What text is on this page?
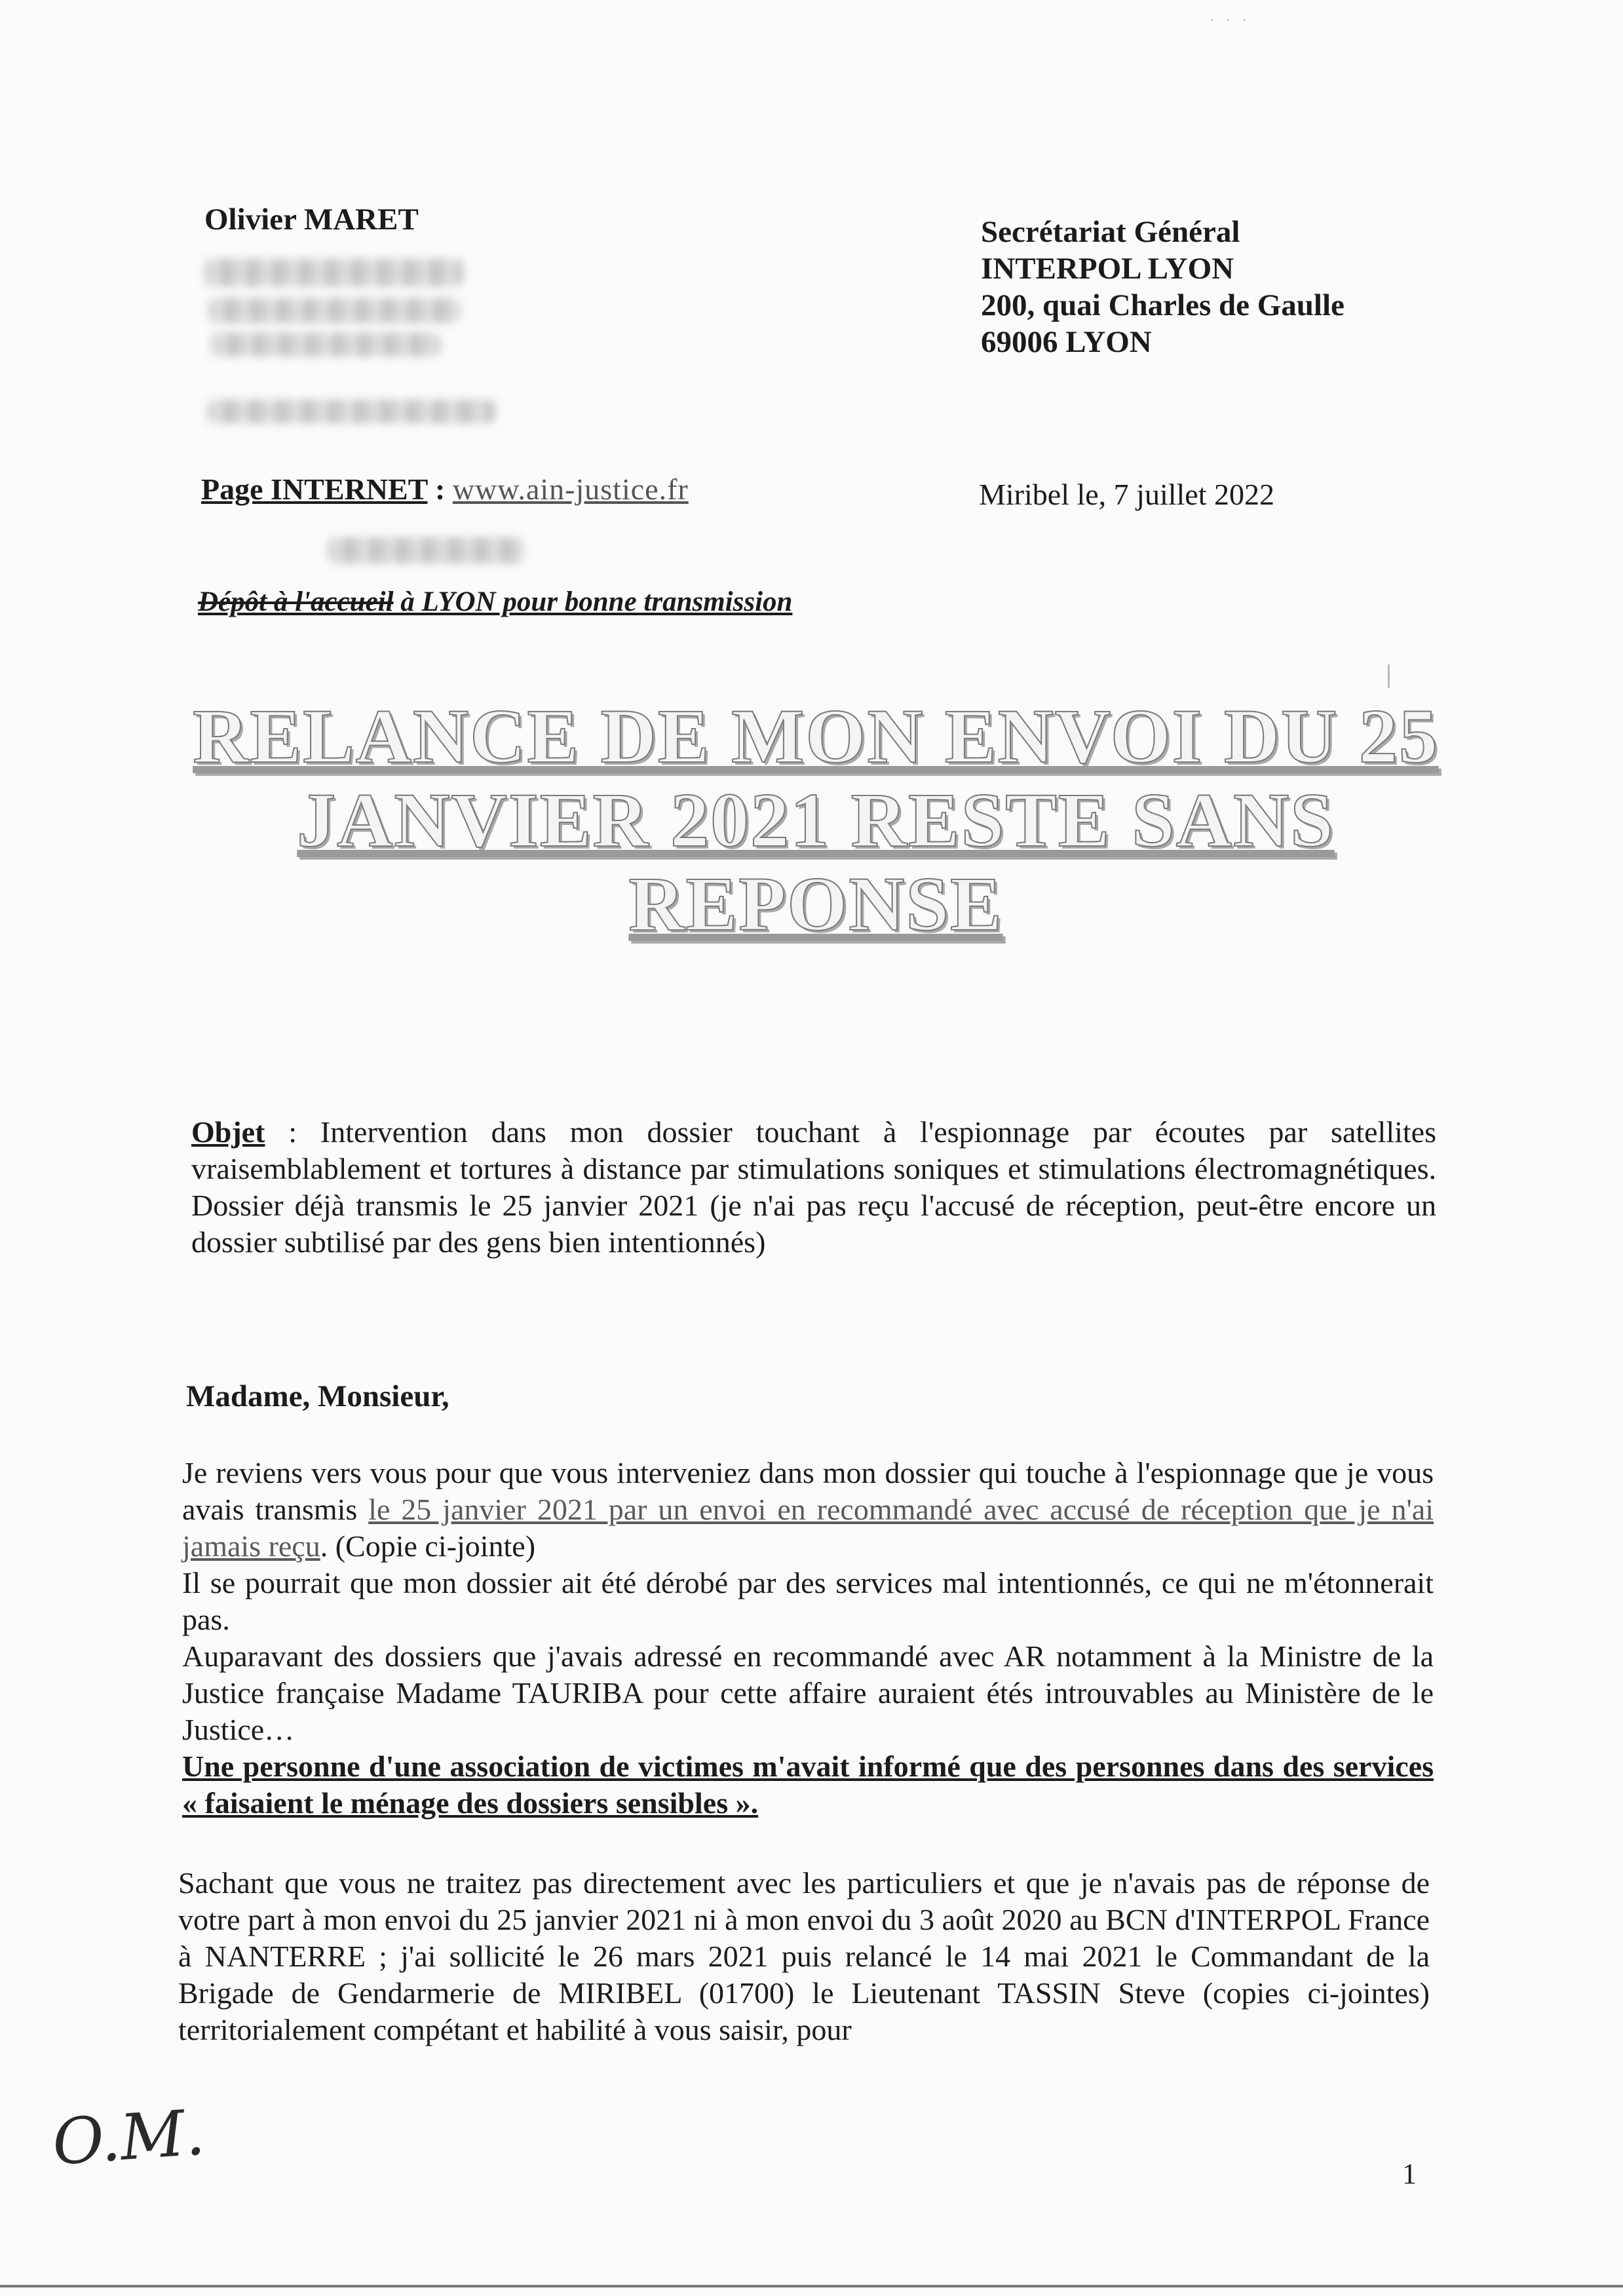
· · ·
Olivier MARET	Secrétariat Général
INTERPOL LYON
200, quai Charles de Gaulle
69006 LYON
Page INTERNET : www.ain-justice.fr	Miribel le, 7 juillet 2022
Dépôt à l'accueil à LYON pour bonne transmission
RELANCE DE MON ENVOI DU 25
JANVIER 2021 RESTE SANS
REPONSE
Objet : Intervention dans mon dossier touchant à l'espionnage par écoutes par satellites vraisemblablement et tortures à distance par stimulations soniques et stimulations électromagnétiques. Dossier déjà transmis le 25 janvier 2021 (je n'ai pas reçu l'accusé de réception, peut-être encore un dossier subtilisé par des gens bien intentionnés)
Madame, Monsieur,
Je reviens vers vous pour que vous interveniez dans mon dossier qui touche à l'espionnage que je vous avais transmis le 25 janvier 2021 par un envoi en recommandé avec accusé de réception que je n'ai jamais reçu. (Copie ci-jointe)
Il se pourrait que mon dossier ait été dérobé par des services mal intentionnés, ce qui ne m'étonnerait pas.
Auparavant des dossiers que j'avais adressé en recommandé avec AR notamment à la Ministre de la Justice française Madame TAURIBA pour cette affaire auraient étés introuvables au Ministère de le Justice…
Une personne d'une association de victimes m'avait informé que des personnes dans des services « faisaient le ménage des dossiers sensibles ».
Sachant que vous ne traitez pas directement avec les particuliers et que je n'avais pas de réponse de votre part à mon envoi du 25 janvier 2021 ni à mon envoi du 3 août 2020 au BCN d'INTERPOL France à NANTERRE ; j'ai sollicité le 26 mars 2021 puis relancé le 14 mai 2021 le Commandant de la Brigade de Gendarmerie de MIRIBEL (01700) le Lieutenant TASSIN Steve (copies ci-jointes) territorialement compétant et habilité à vous saisir, pour
O.M.	1
